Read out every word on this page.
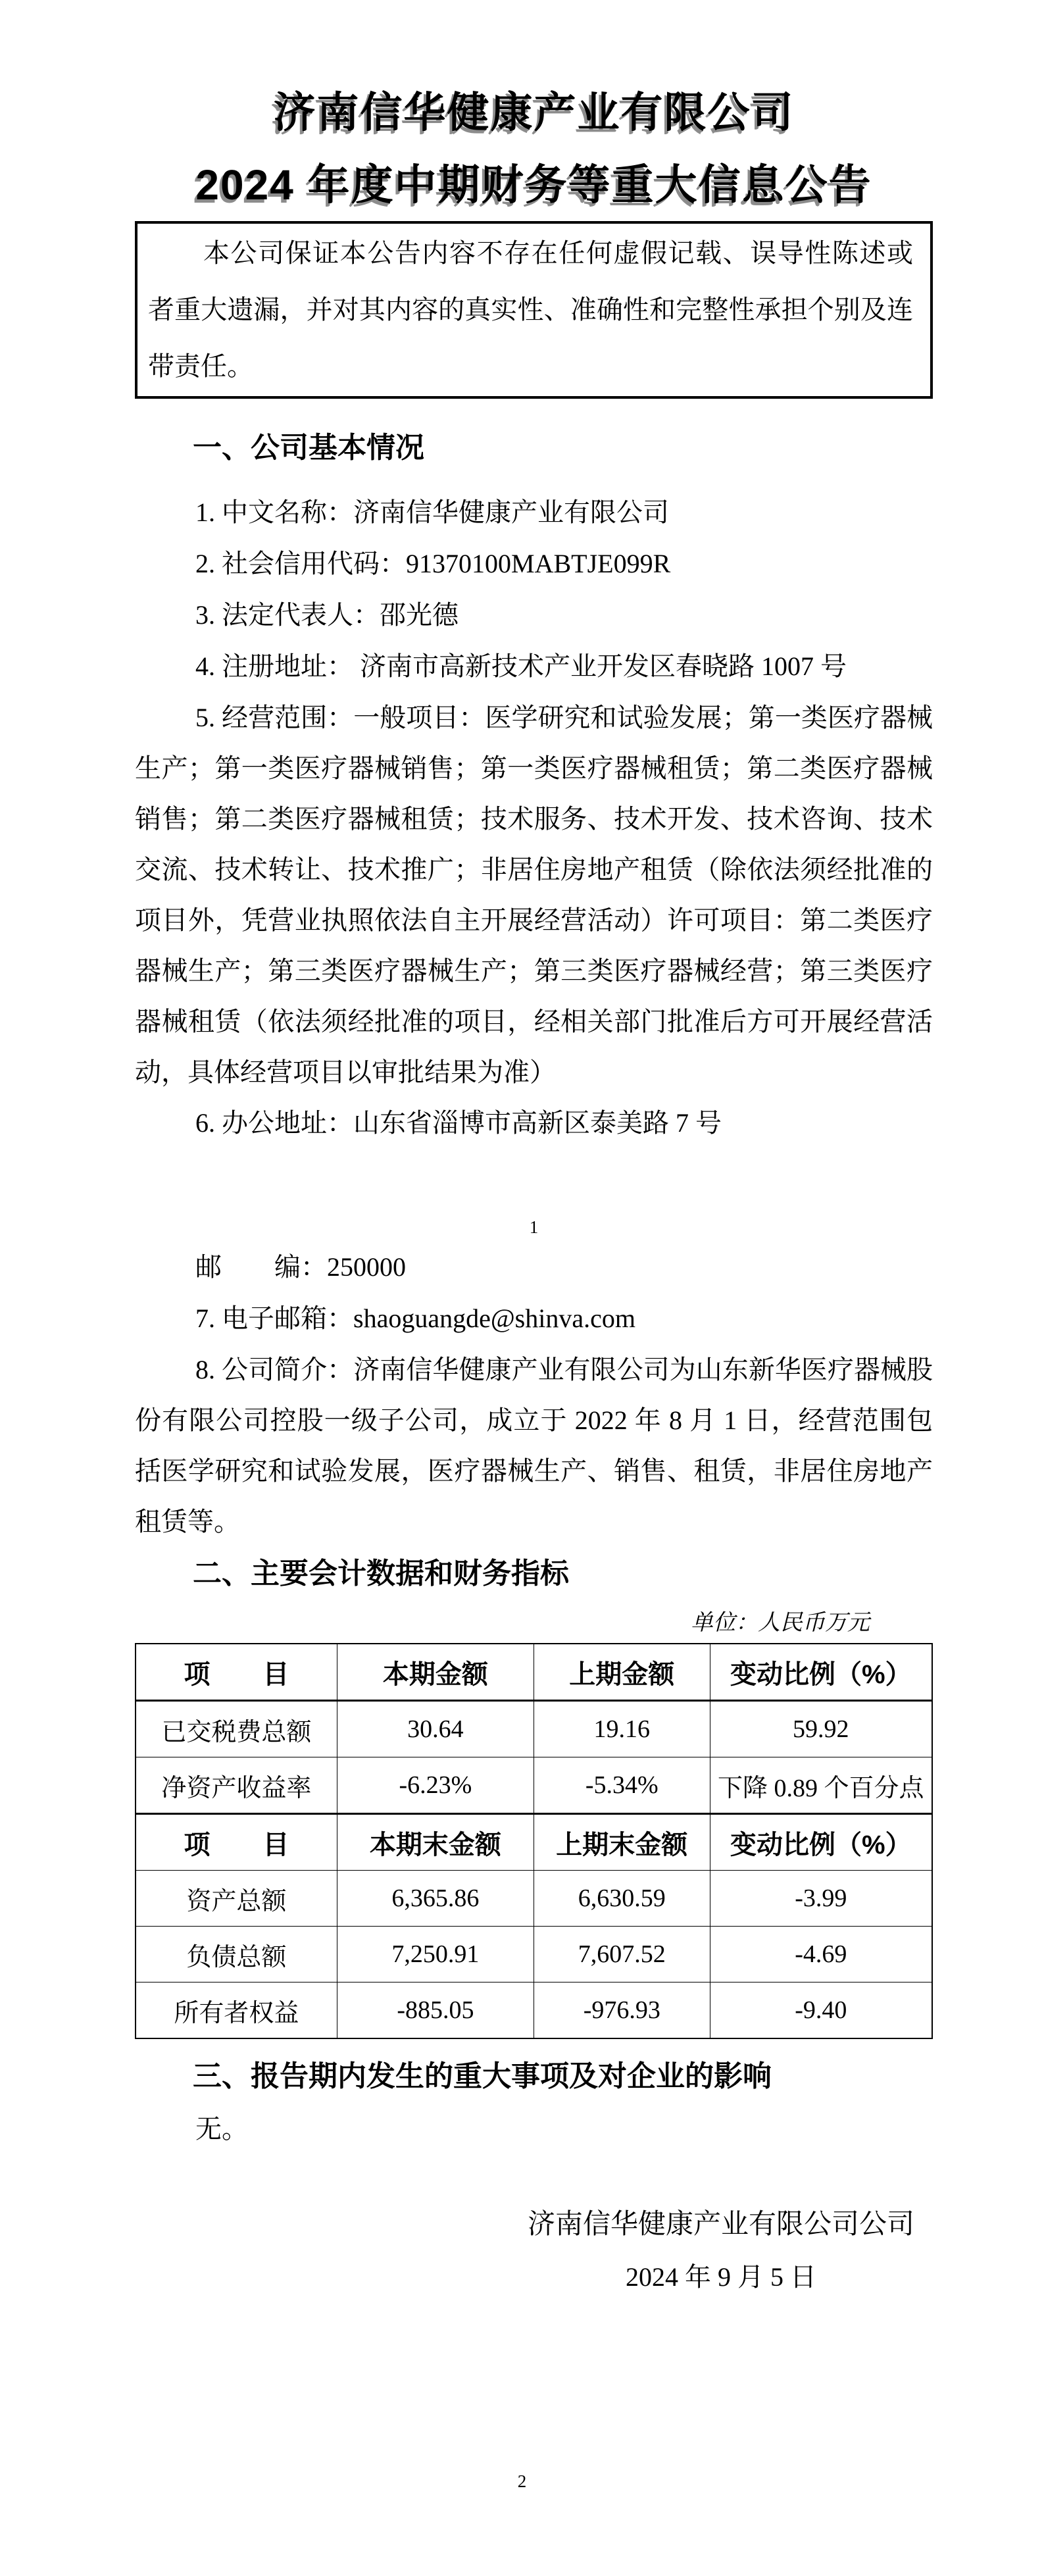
济南信华健康产业有限公司
2024 年度中期财务等重大信息公告

本公司保证本公告内容不存在任何虚假记载、误导性陈述或者重大遗漏，并对其内容的真实性、准确性和完整性承担个别及连带责任。

一、公司基本情况
1. 中文名称：济南信华健康产业有限公司
2. 社会信用代码：91370100MABTJE099R
3. 法定代表人：邵光德
4. 注册地址： 济南市高新技术产业开发区春晓路 1007 号

5. 经营范围：一般项目：医学研究和试验发展；第一类医疗器械生产；第一类医疗器械销售；第一类医疗器械租赁；第二类医疗器械销售；第二类医疗器械租赁；技术服务、技术开发、技术咨询、技术交流、技术转让、技术推广；非居住房地产租赁（除依法须经批准的项目外，凭营业执照依法自主开展经营活动）许可项目：第二类医疗器械生产；第三类医疗器械生产；第三类医疗器械经营；第三类医疗器械租赁（依法须经批准的项目，经相关部门批准后方可开展经营活动，具体经营项目以审批结果为准）

6. 办公地址：山东省淄博市高新区泰美路 7 号
1
邮　　编：250000
7. 电子邮箱：shaoguangde@shinva.com

8. 公司简介：济南信华健康产业有限公司为山东新华医疗器械股份有限公司控股一级子公司，成立于 2022 年 8 月 1 日，经营范围包括医学研究和试验发展，医疗器械生产、销售、租赁，非居住房地产租赁等。

二、主要会计数据和财务指标
单位：人民币万元
项　　目	本期金额	上期金额	变动比例（%）
已交税费总额	30.64	19.16	59.92
净资产收益率	-6.23%	-5.34%	下降 0.89 个百分点
项　　目	本期末金额	上期末金额	变动比例（%）
资产总额	6,365.86	6,630.59	-3.99
负债总额	7,250.91	7,607.52	-4.69
所有者权益	-885.05	-976.93	-9.40
三、报告期内发生的重大事项及对企业的影响
无。
济南信华健康产业有限公司公司
2024 年 9 月 5 日
2
